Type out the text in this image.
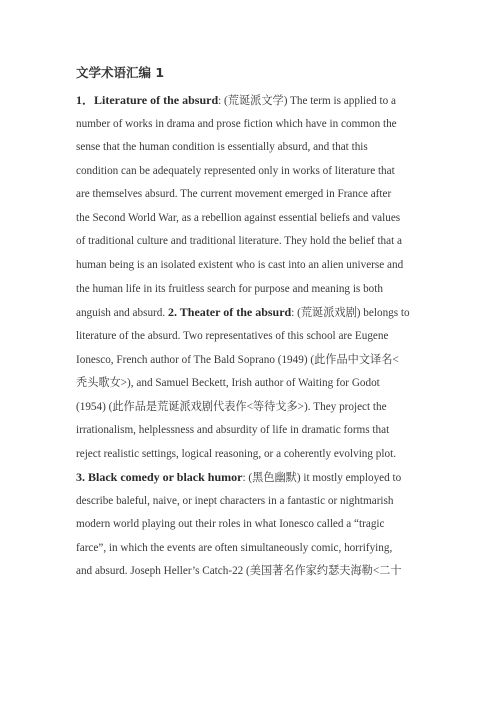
文学术语汇编 1
1．Literature of the absurd: (荒诞派文学) The term is applied to a
number of works in drama and prose fiction which have in common the
sense that the human condition is essentially absurd, and that this
condition can be adequately represented only in works of literature that
are themselves absurd. The current movement emerged in France after
the Second World War, as a rebellion against essential beliefs and values
of traditional culture and traditional literature. They hold the belief that a
human being is an isolated existent who is cast into an alien universe and
the human life in its fruitless search for purpose and meaning is both
anguish and absurd. 2. Theater of the absurd: (荒诞派戏剧) belongs to
literature of the absurd. Two representatives of this school are Eugene
Ionesco, French author of The Bald Soprano (1949) (此作品中文译名<
秃头歌女>), and Samuel Beckett, Irish author of Waiting for Godot
(1954) (此作品是荒诞派戏剧代表作<等待戈多>). They project the
irrationalism, helplessness and absurdity of life in dramatic forms that
reject realistic settings, logical reasoning, or a coherently evolving plot.
3. Black comedy or black humor: (黑色幽默) it mostly employed to
describe baleful, naive, or inept characters in a fantastic or nightmarish
modern world playing out their roles in what Ionesco called a “tragic
farce”, in which the events are often simultaneously comic, horrifying,
and absurd. Joseph Heller’s Catch-22 (美国著名作家约瑟夫海勒<二十
